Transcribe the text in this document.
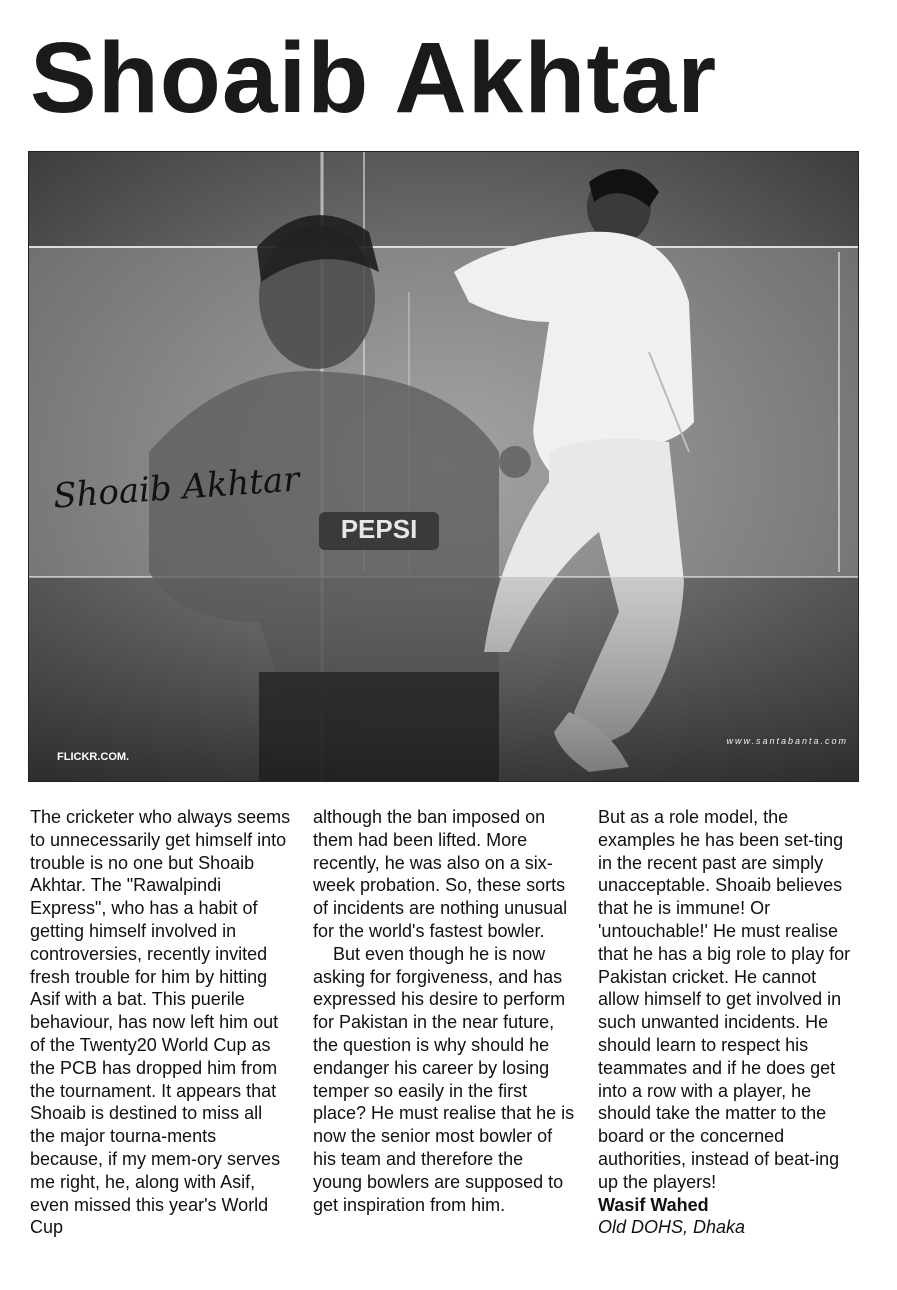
Shoaib Akhtar
PEPSI
Shoaib Akhtar
FLICKR.COM.
www.santabanta.com

The cricketer who always seems to unnecessarily get himself into trouble is no one but Shoaib Akhtar. The "Rawalpindi Express", who has a habit of getting himself involved in controversies, recently invited fresh trouble for him by hitting Asif with a bat. This puerile behaviour, has now left him out of the Twenty20 World Cup as the PCB has dropped him from the tournament. It appears that Shoaib is destined to miss all the major tourna-ments because, if my mem-ory serves me right, he, along with Asif, even missed this year's World Cup

although the ban imposed on them had been lifted. More recently, he was also on a six-week probation. So, these sorts of incidents are nothing unusual for the world's fastest bowler.

But even though he is now asking for forgiveness, and has expressed his desire to perform for Pakistan in the near future, the question is why should he endanger his career by losing temper so easily in the first place? He must realise that he is now the senior most bowler of his team and therefore the young bowlers are supposed to get inspiration from him.

But as a role model, the examples he has been set-ting in the recent past are simply unacceptable. Shoaib believes that he is immune! Or 'untouchable!' He must realise that he has a big role to play for Pakistan cricket. He cannot allow himself to get involved in such unwanted incidents. He should learn to respect his teammates and if he does get into a row with a player, he should take the matter to the board or the concerned authorities, instead of beat-ing up the players!

Wasif Wahed
Old DOHS, Dhaka
